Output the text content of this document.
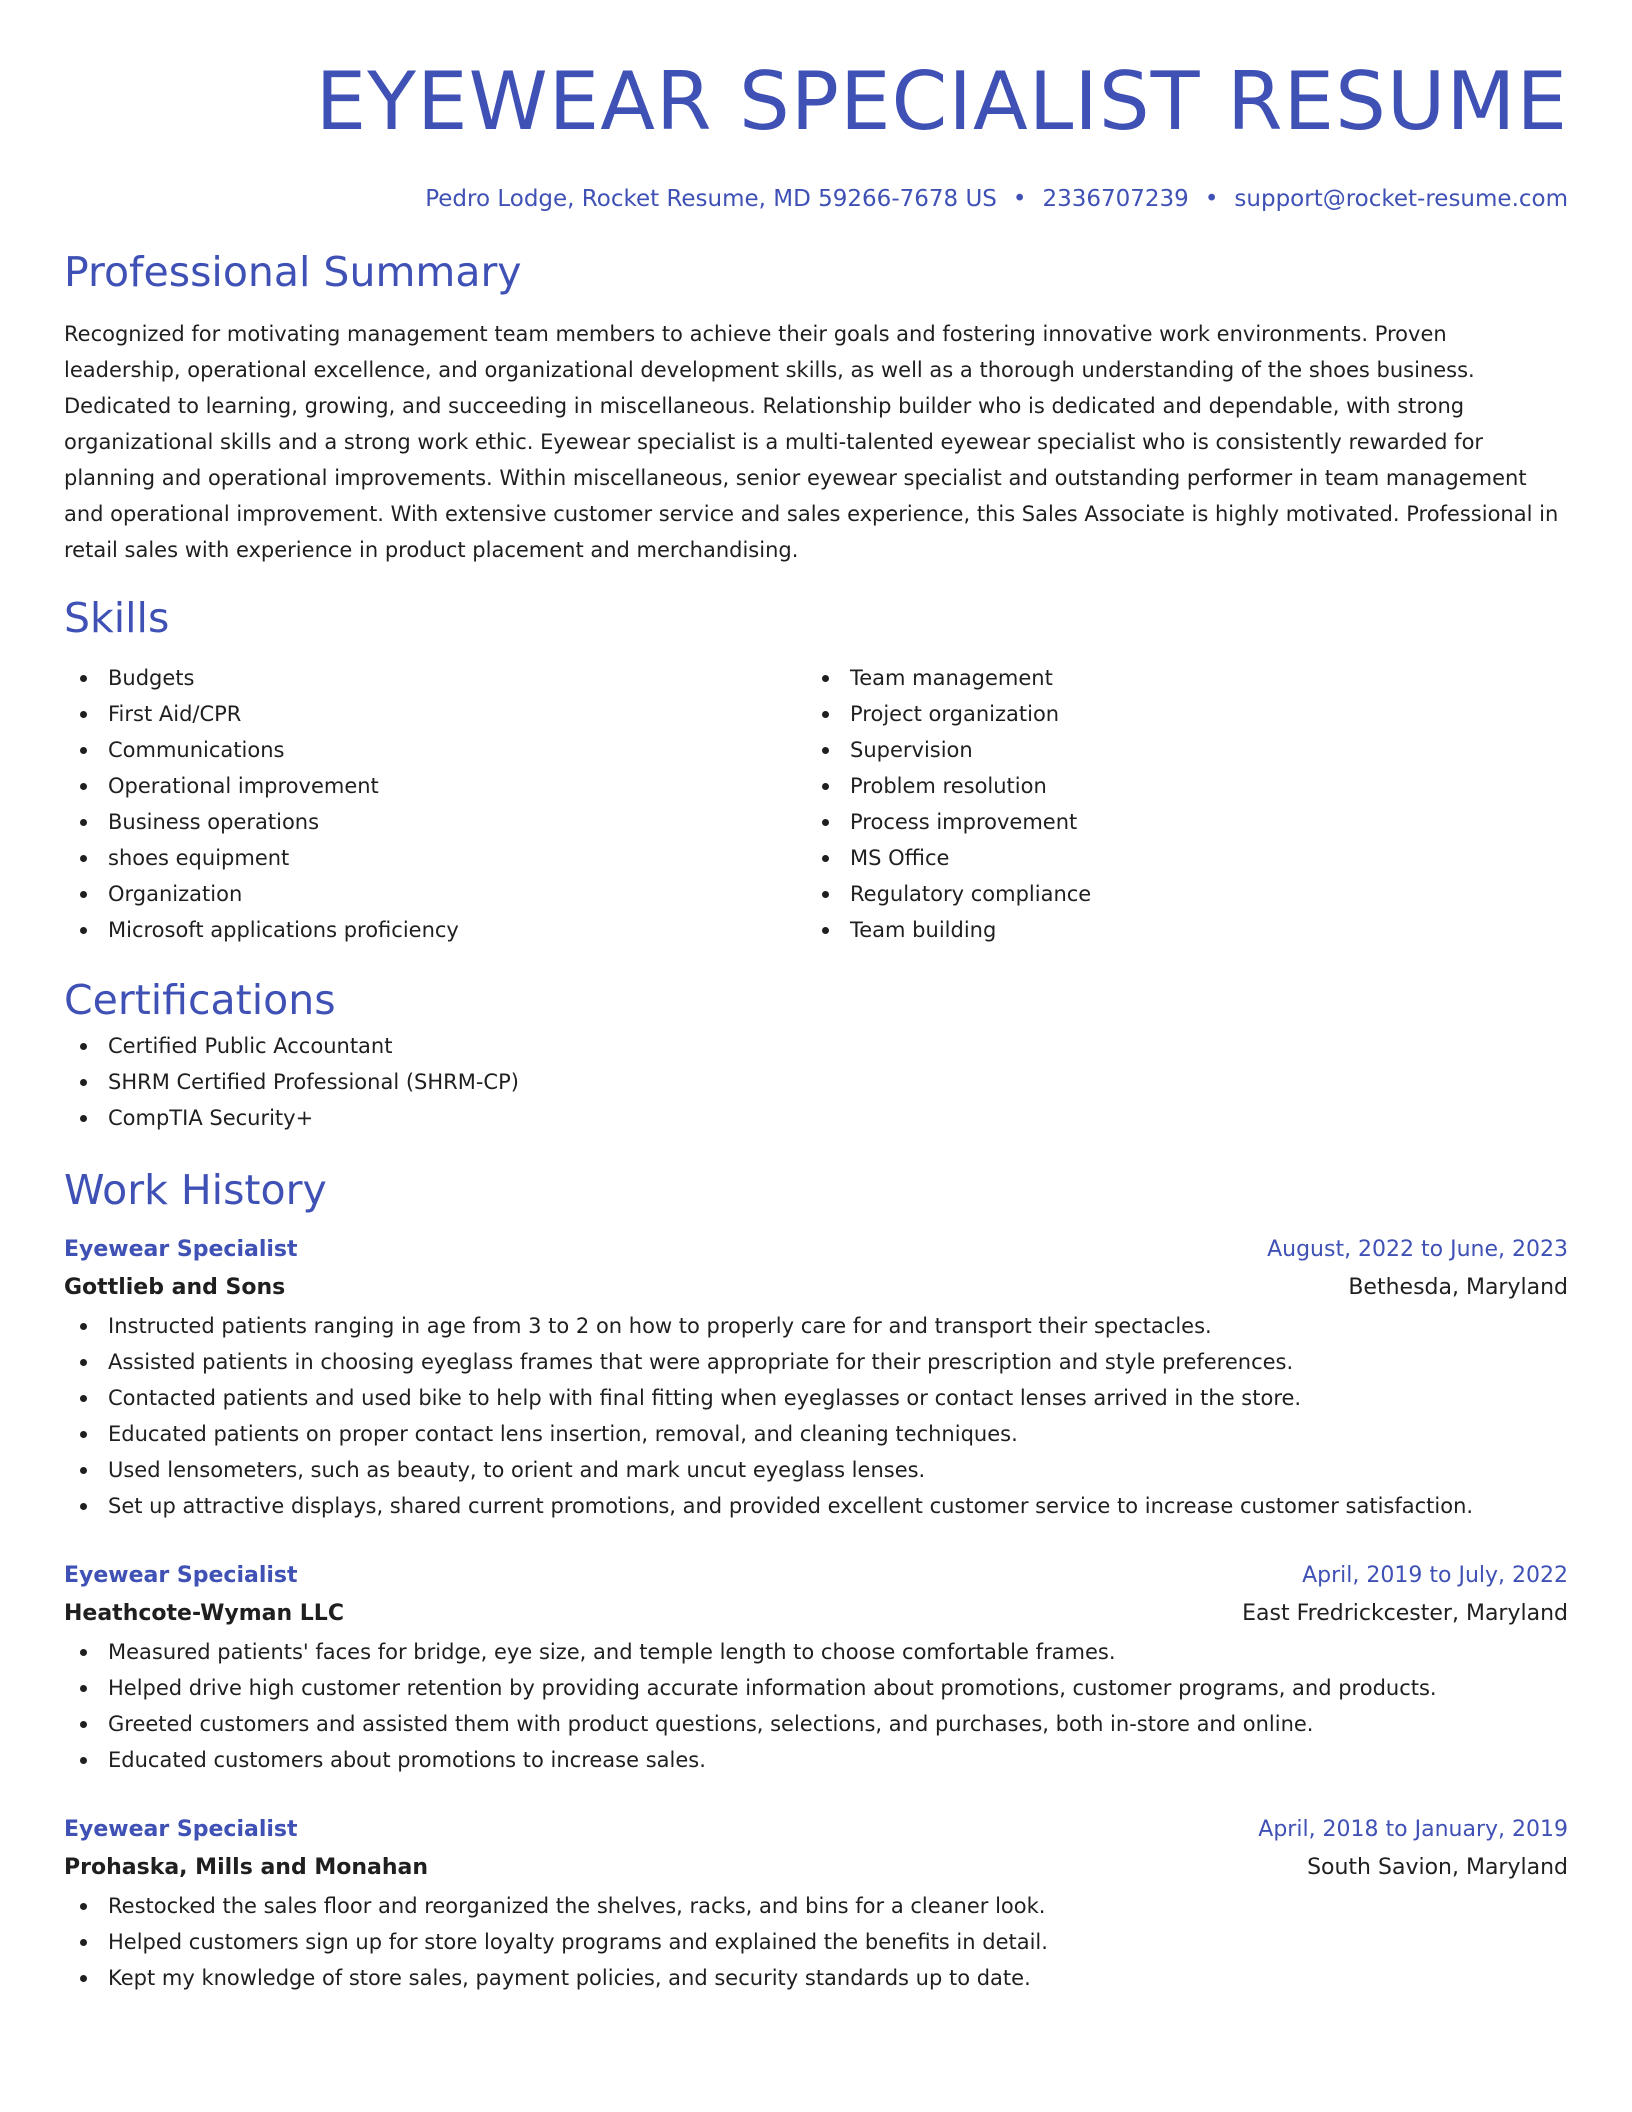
EYEWEAR SPECIALIST RESUME
Pedro Lodge, Rocket Resume, MD 59266-7678 US • 2336707239 • support@rocket-resume.com
Professional Summary
Recognized for motivating management team members to achieve their goals and fostering innovative work environments. Proven leadership, operational excellence, and organizational development skills, as well as a thorough understanding of the shoes business. Dedicated to learning, growing, and succeeding in miscellaneous. Relationship builder who is dedicated and dependable, with strong organizational skills and a strong work ethic. Eyewear specialist is a multi-talented eyewear specialist who is consistently rewarded for planning and operational improvements. Within miscellaneous, senior eyewear specialist and outstanding performer in team management and operational improvement. With extensive customer service and sales experience, this Sales Associate is highly motivated. Professional in retail sales with experience in product placement and merchandising.
Skills
Budgets
First Aid/CPR
Communications
Operational improvement
Business operations
shoes equipment
Organization
Microsoft applications proficiency
Team management
Project organization
Supervision
Problem resolution
Process improvement
MS Office
Regulatory compliance
Team building
Certifications
Certified Public Accountant
SHRM Certified Professional (SHRM-CP)
CompTIA Security+
Work History
Eyewear Specialist	August, 2022 to June, 2023
Gottlieb and Sons	Bethesda, Maryland
Instructed patients ranging in age from 3 to 2 on how to properly care for and transport their spectacles.
Assisted patients in choosing eyeglass frames that were appropriate for their prescription and style preferences.
Contacted patients and used bike to help with final fitting when eyeglasses or contact lenses arrived in the store.
Educated patients on proper contact lens insertion, removal, and cleaning techniques.
Used lensometers, such as beauty, to orient and mark uncut eyeglass lenses.
Set up attractive displays, shared current promotions, and provided excellent customer service to increase customer satisfaction.
Eyewear Specialist	April, 2019 to July, 2022
Heathcote-Wyman LLC	East Fredrickcester, Maryland
Measured patients' faces for bridge, eye size, and temple length to choose comfortable frames.
Helped drive high customer retention by providing accurate information about promotions, customer programs, and products.
Greeted customers and assisted them with product questions, selections, and purchases, both in-store and online.
Educated customers about promotions to increase sales.
Eyewear Specialist	April, 2018 to January, 2019
Prohaska, Mills and Monahan	South Savion, Maryland
Restocked the sales floor and reorganized the shelves, racks, and bins for a cleaner look.
Helped customers sign up for store loyalty programs and explained the benefits in detail.
Kept my knowledge of store sales, payment policies, and security standards up to date.
